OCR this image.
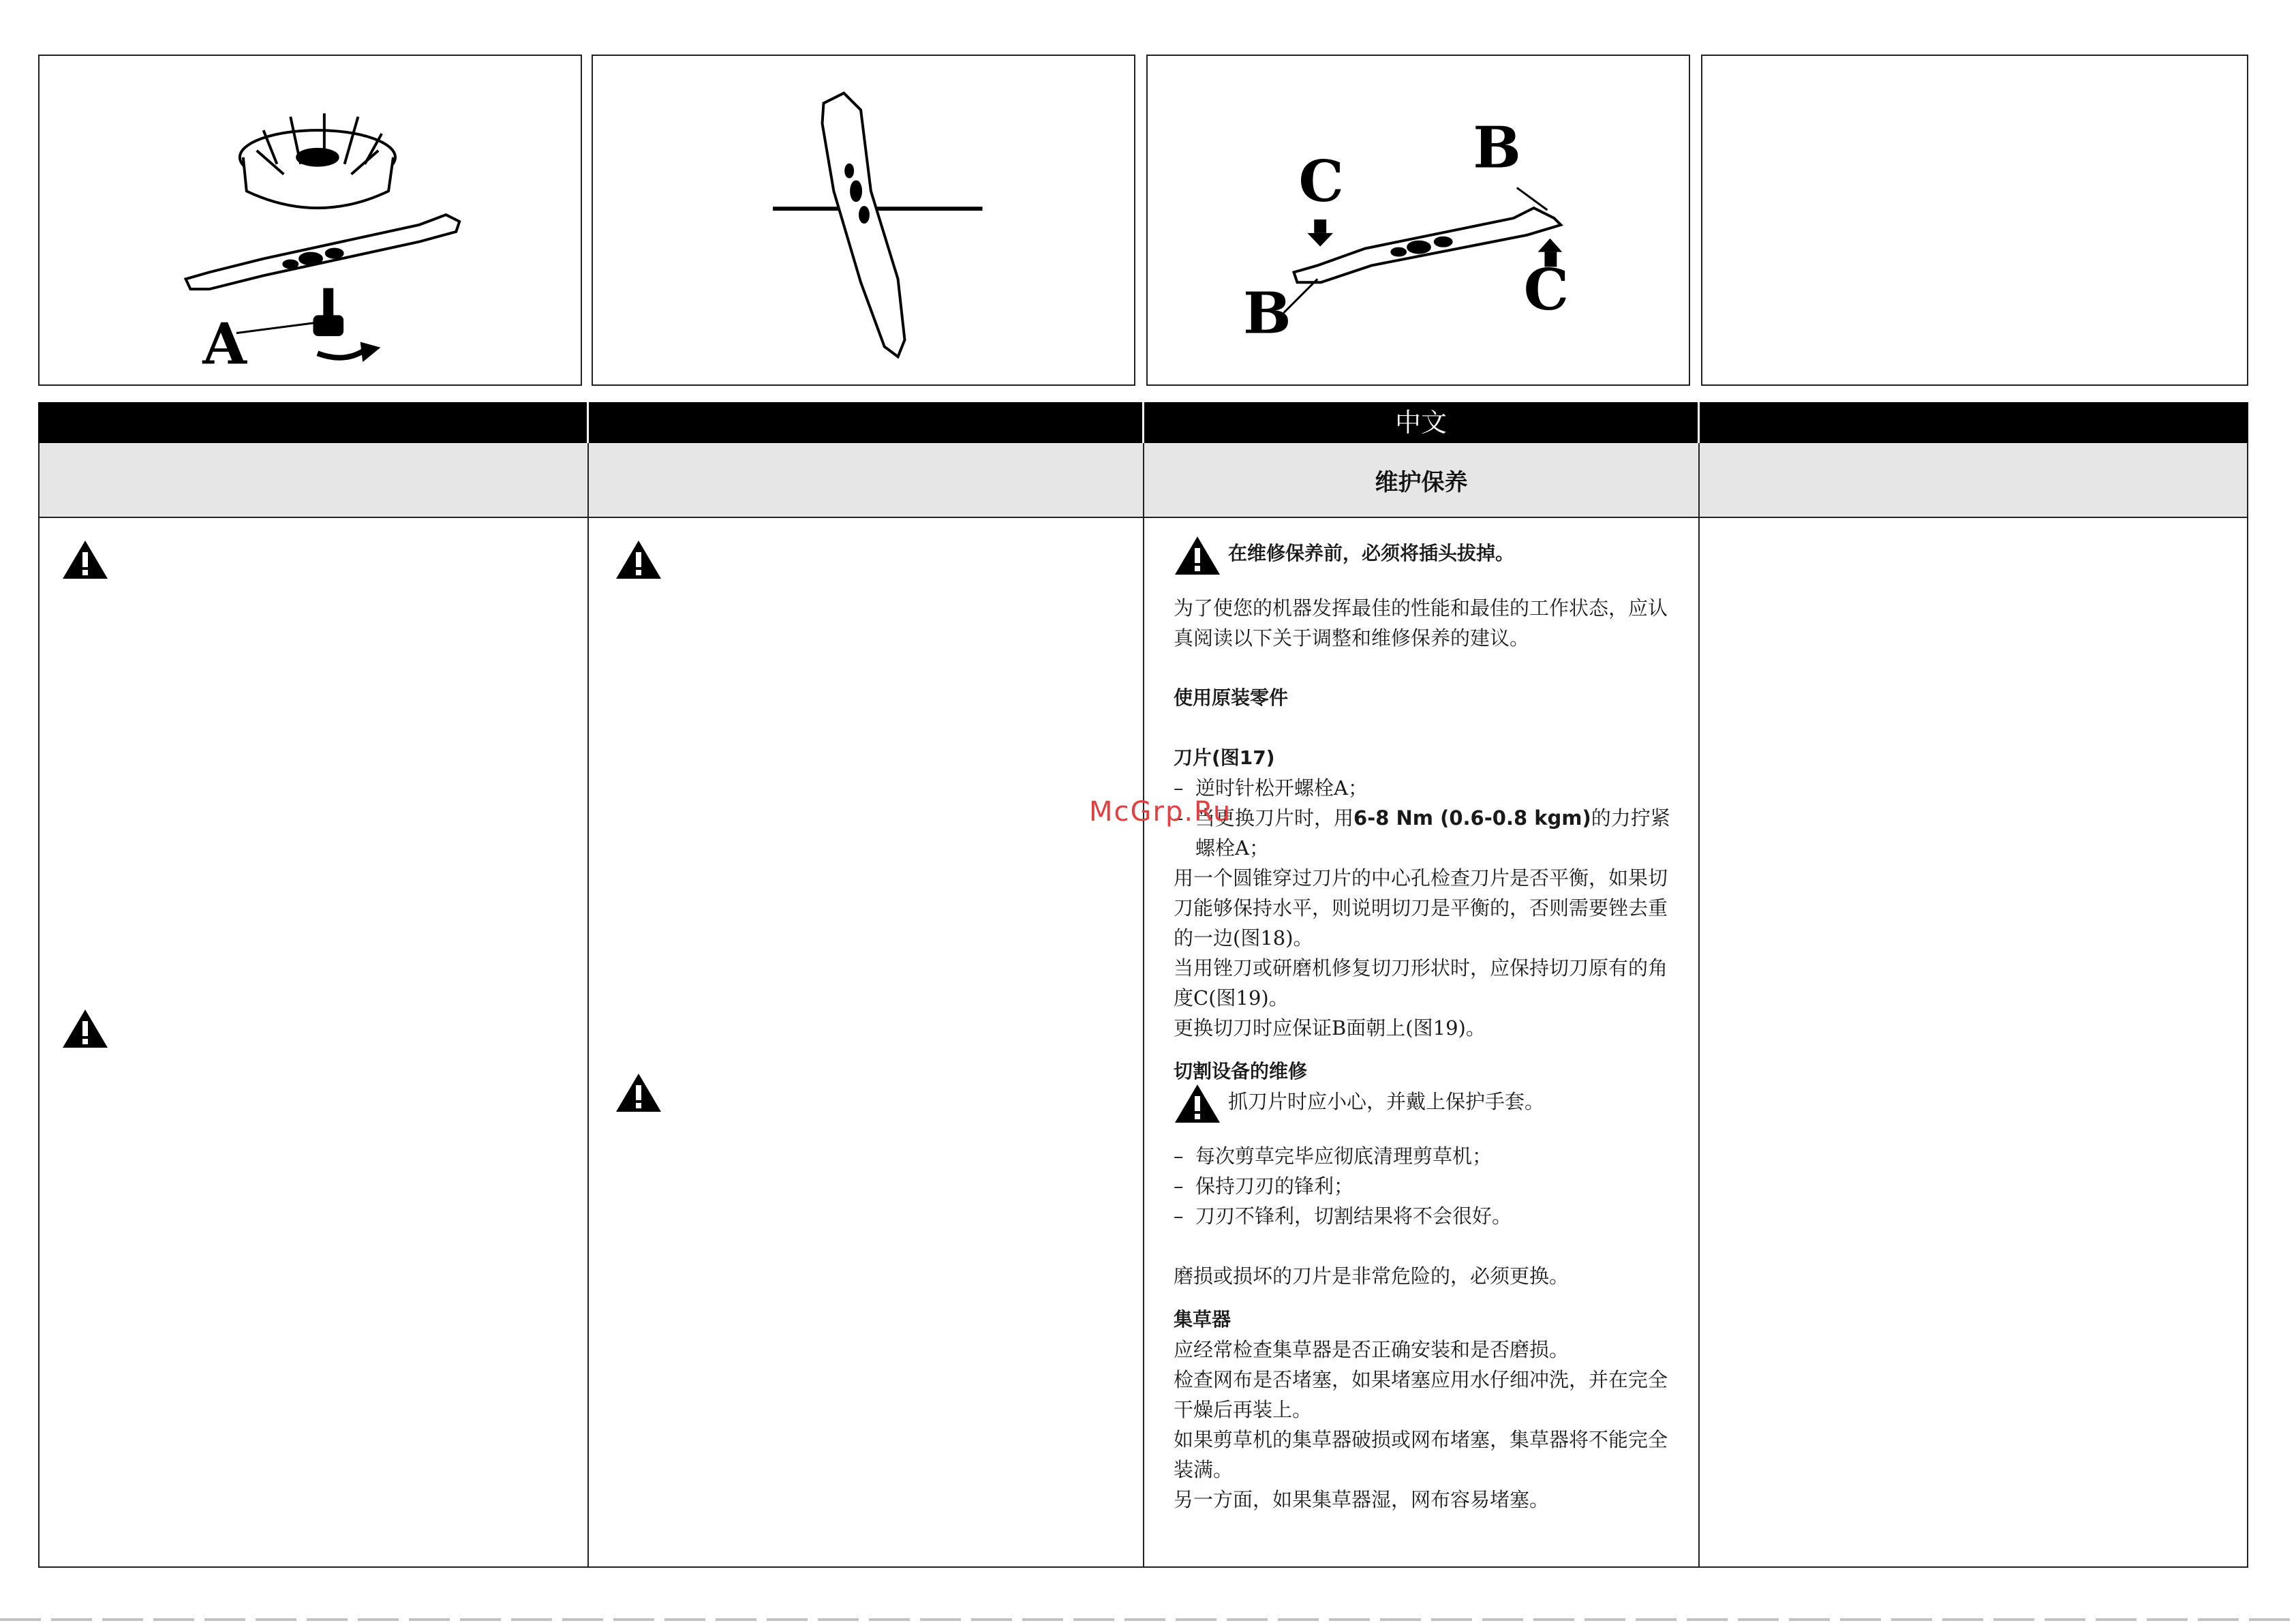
A
C
B
B	C
中文
维护保养

在维修保养前，必须将插头拔掉。

为了使您的机器发挥最佳的性能和最佳的工作状态，应认真阅读以下关于调整和维修保养的建议。

使用原装零件

刀片(图17)

– 逆时针松开螺栓A；

– 当更换刀片时，用6-8 Nm (0.6-0.8 kgm)的力拧紧螺栓A；

用一个圆锥穿过刀片的中心孔检查刀片是否平衡，如果切刀能够保持水平，则说明切刀是平衡的，否则需要锉去重的一边(图18)。

当用锉刀或研磨机修复切刀形状时，应保持切刀原有的角度C(图19)。

更换切刀时应保证B面朝上(图19)。

切割设备的维修

抓刀片时应小心，并戴上保护手套。

– 每次剪草完毕应彻底清理剪草机；

– 保持刀刃的锋利；

– 刀刃不锋利，切割结果将不会很好。

磨损或损坏的刀片是非常危险的，必须更换。

集草器

应经常检查集草器是否正确安装和是否磨损。

检查网布是否堵塞，如果堵塞应用水仔细冲洗，并在完全干燥后再装上。

如果剪草机的集草器破损或网布堵塞，集草器将不能完全装满。

另一方面，如果集草器湿，网布容易堵塞。

McGrp.Ru
